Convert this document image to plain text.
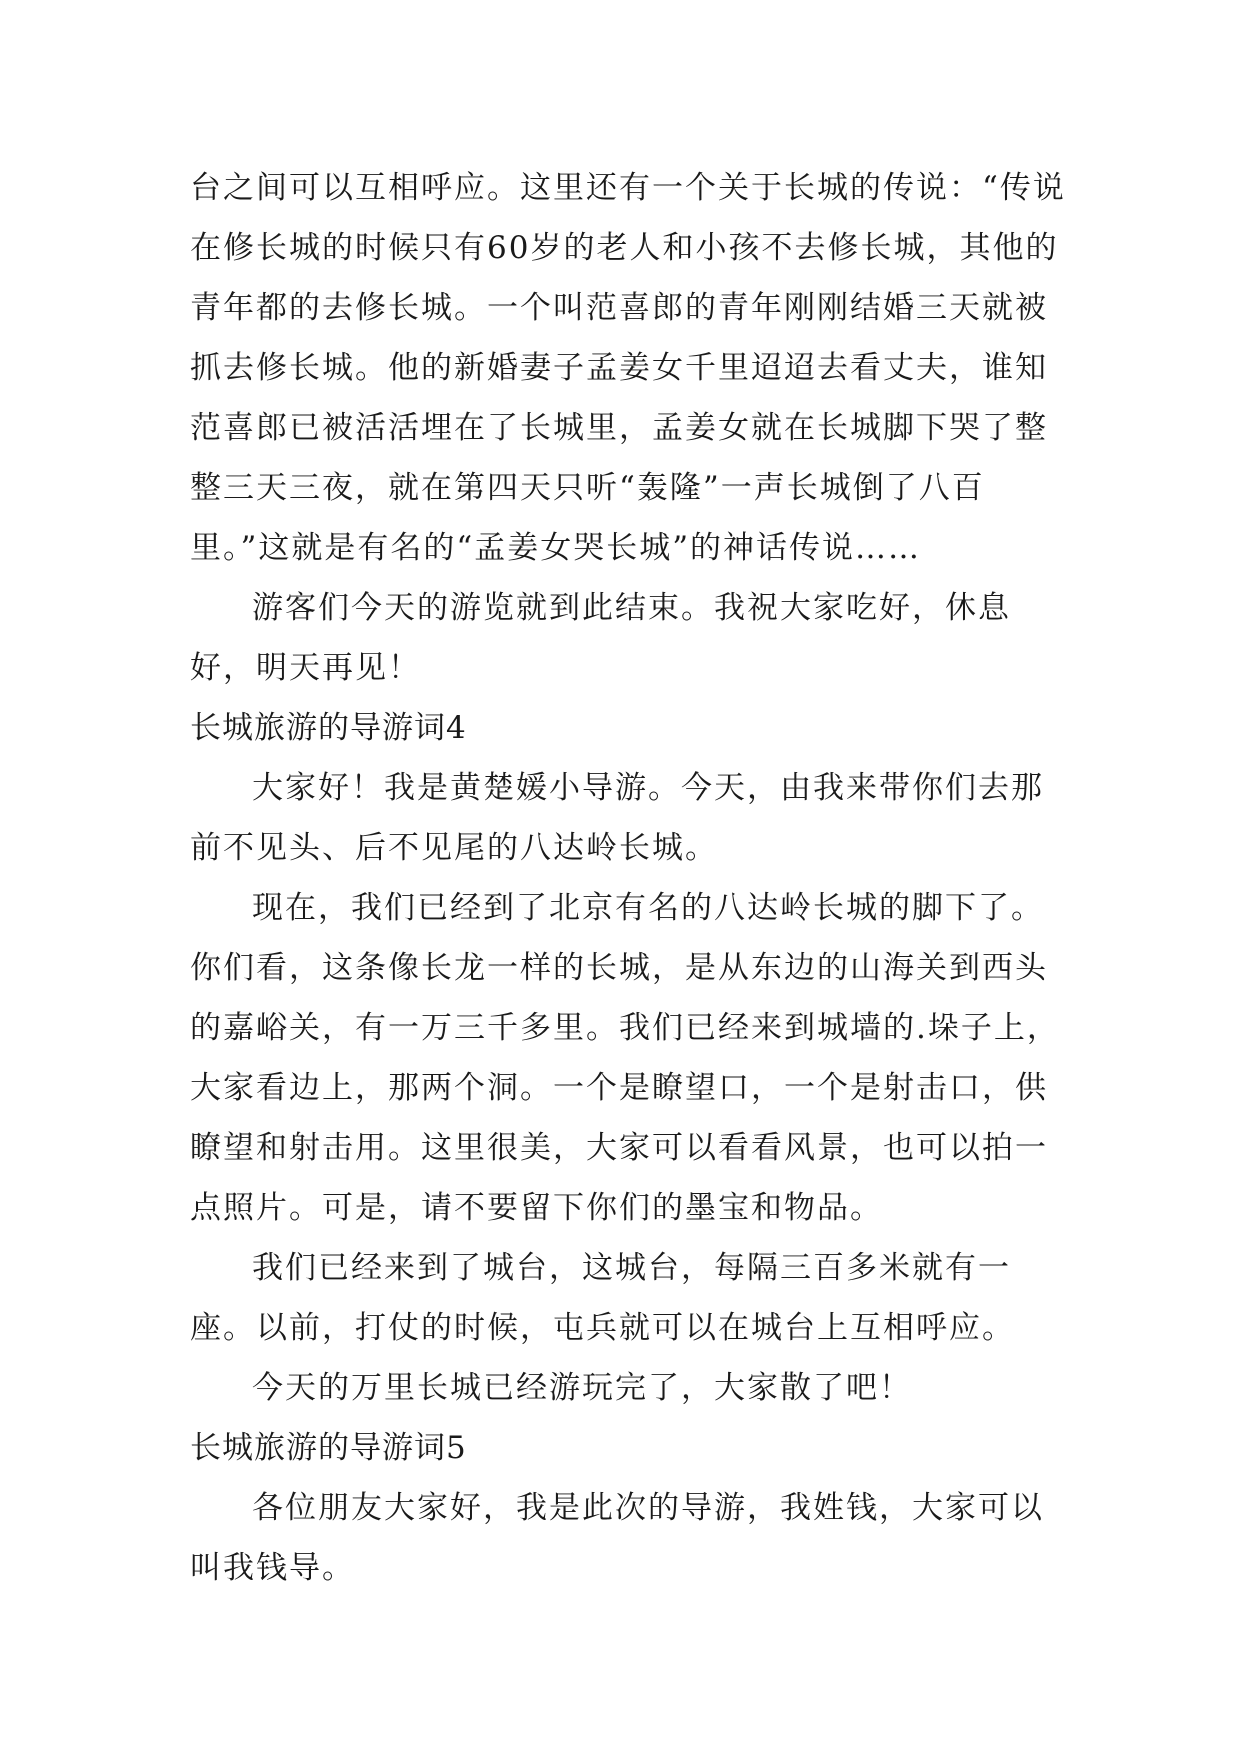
台之间可以互相呼应。这里还有一个关于长城的传说：“传说在修长城的时候只有60岁的老人和小孩不去修长城，其他的青年都的去修长城。一个叫范喜郎的青年刚刚结婚三天就被抓去修长城。他的新婚妻子孟姜女千里迢迢去看丈夫，谁知范喜郎已被活活埋在了长城里，孟姜女就在长城脚下哭了整整三天三夜，就在第四天只听“轰隆”一声长城倒了八百里。”这就是有名的“孟姜女哭长城”的神话传说……

游客们今天的游览就到此结束。我祝大家吃好，休息好，明天再见！

长城旅游的导游词4

大家好！我是黄楚媛小导游。今天，由我来带你们去那前不见头、后不见尾的八达岭长城。

现在，我们已经到了北京有名的八达岭长城的脚下了。你们看，这条像长龙一样的长城，是从东边的山海关到西头的嘉峪关，有一万三千多里。我们已经来到城墙的.垛子上，大家看边上，那两个洞。一个是瞭望口，一个是射击口，供瞭望和射击用。这里很美，大家可以看看风景，也可以拍一点照片。可是，请不要留下你们的墨宝和物品。

我们已经来到了城台，这城台，每隔三百多米就有一座。以前，打仗的时候，屯兵就可以在城台上互相呼应。

今天的万里长城已经游玩完了，大家散了吧！

长城旅游的导游词5

各位朋友大家好，我是此次的导游，我姓钱，大家可以叫我钱导。
